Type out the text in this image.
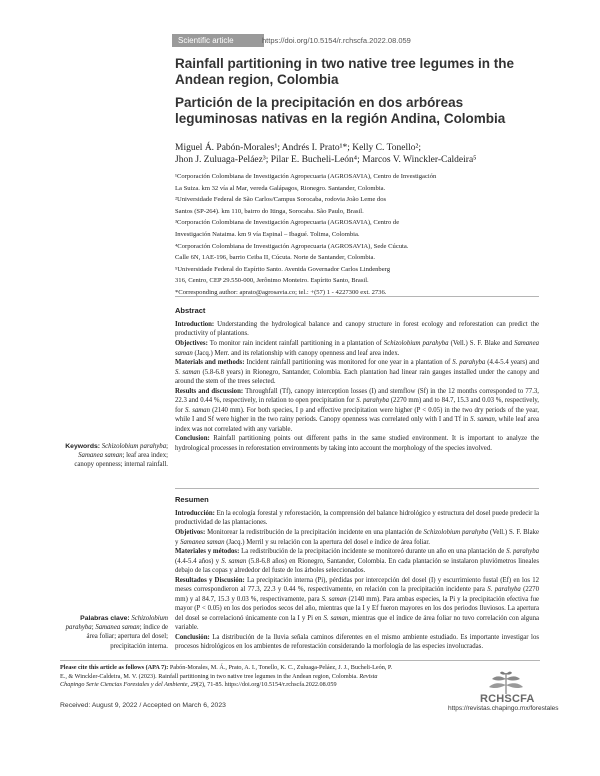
Scientific article	https://doi.org/10.5154/r.rchscfa.2022.08.059
Rainfall partitioning in two native tree legumes in the Andean region, Colombia
Partición de la precipitación en dos arbóreas leguminosas nativas en la región Andina, Colombia
Miguel Á. Pabón-Morales¹; Andrés I. Prato¹*; Kelly C. Tonello²;
Jhon J. Zuluaga-Peláez³; Pilar E. Bucheli-León⁴; Marcos V. Winckler-Caldeira⁵
¹Corporación Colombiana de Investigación Agropecuaria (AGROSAVIA), Centro de Investigación
La Suiza. km 32 vía al Mar, vereda Galápagos, Rionegro. Santander, Colombia.
²Universidade Federal de São Carlos/Campus Sorocaba, rodovia João Leme dos
Santos (SP-264). km 110, bairro do Itinga, Sorocaba. São Paulo, Brasil.
³Corporación Colombiana de Investigación Agropecuaria (AGROSAVIA), Centro de
Investigación Nataima. km 9 vía Espinal – Ibagué. Tolima, Colombia.
⁴Corporación Colombiana de Investigación Agropecuaria (AGROSAVIA), Sede Cúcuta.
Calle 6N, 1AE-196, barrio Ceiba II, Cúcuta. Norte de Santander, Colombia.
⁵Universidade Federal do Espírito Santo. Avenida Governador Carlos Lindenberg
316, Centro, CEP 29.550-000, Jerônimo Monteiro. Espírito Santo, Brasil.
*Corresponding author: aprato@agrosavia.co; tel.: +(57) 1 - 4227300 ext. 2736.
Abstract

Introduction: Understanding the hydrological balance and canopy structure in forest ecology and reforestation can predict the productivity of plantations.

Objectives: To monitor rain incident rainfall partitioning in a plantation of Schizolobium parahyba (Vell.) S. F. Blake and Samanea saman (Jacq.) Merr. and its relationship with canopy openness and leaf area index.

Materials and methods: Incident rainfall partitioning was monitored for one year in a plantation of S. parahyba (4.4-5.4 years) and S. saman (5.8-6.8 years) in Rionegro, Santander, Colombia. Each plantation had linear rain gauges installed under the canopy and around the stem of the trees selected.

Results and discussion: Throughfall (Tf), canopy interception losses (I) and stemflow (Sf) in the 12 months corresponded to 77.3, 22.3 and 0.44 %, respectively, in relation to open precipitation for S. parahyba (2270 mm) and to 84.7, 15.3 and 0.03 %, respectively, for S. saman (2140 mm). For both species, I p and effective precipitation were higher (P < 0.05) in the two dry periods of the year, while I and Sf were higher in the two rainy periods. Canopy openness was correlated only with I and Tf in S. saman, while leaf area index was not correlated with any variable.

Conclusion: Rainfall partitioning points out different paths in the same studied environment. It is important to analyze the hydrological processes in reforestation environments by taking into account the morphology of the species involved.

Keywords: Schizolobium parahyba; Samanea saman; leaf area index; canopy openness; internal rainfall.
Resumen

Introducción: En la ecología forestal y reforestación, la comprensión del balance hidrológico y estructura del dosel puede predecir la productividad de las plantaciones.

Objetivos: Monitorear la redistribución de la precipitación incidente en una plantación de Schizolobium parahyba (Vell.) S. F. Blake y Samanea saman (Jacq.) Merril y su relación con la apertura del dosel e índice de área foliar.

Materiales y métodos: La redistribución de la precipitación incidente se monitoreó durante un año en una plantación de S. parahyba (4.4-5.4 años) y S. saman (5.8-6.8 años) en Rionegro, Santander, Colombia. En cada plantación se instalaron pluviómetros lineales debajo de las copas y alrededor del fuste de los árboles seleccionados.

Resultados y Discusión: La precipitación interna (Pi), pérdidas por intercepción del dosel (I) y escurrimiento fustal (Ef) en los 12 meses correspondieron al 77.3, 22.3 y 0.44 %, respectivamente, en relación con la precipitación incidente para S. parahyba (2270 mm) y al 84.7, 15.3 y 0.03 %, respectivamente, para S. saman (2140 mm). Para ambas especies, la Pi y la precipitación efectiva fue mayor (P < 0.05) en los dos periodos secos del año, mientras que la I y Ef fueron mayores en los dos periodos lluviosos. La apertura del dosel se correlacionó únicamente con la I y Pi en S. saman, mientras que el índice de área foliar no tuvo correlación con alguna variable.

Conclusión: La distribución de la lluvia señala caminos diferentes en el mismo ambiente estudiado. Es importante investigar los procesos hidrológicos en los ambientes de reforestación considerando la morfología de las especies involucradas.

Palabras clave: Schizolobium parahyba; Samanea saman; índice de área foliar; apertura del dosel; precipitación interna.
Please cite this article as follows (APA 7): Pabón-Morales, M. Á., Prato, A. I., Tonello, K. C., Zuluaga-Peláez, J. J., Bucheli-León, P. E., & Winckler-Caldeira, M. V. (2023). Rainfall partitioning in two native tree legumes in the Andean region, Colombia. Revista Chapingo Serie Ciencias Forestales y del Ambiente, 29(2), 71-85. https://doi.org/10.5154/r.rchscfa.2022.08.059
Received: August 9, 2022 / Accepted on March 6, 2023
RCHSCFA
https://revistas.chapingo.mx/forestales
